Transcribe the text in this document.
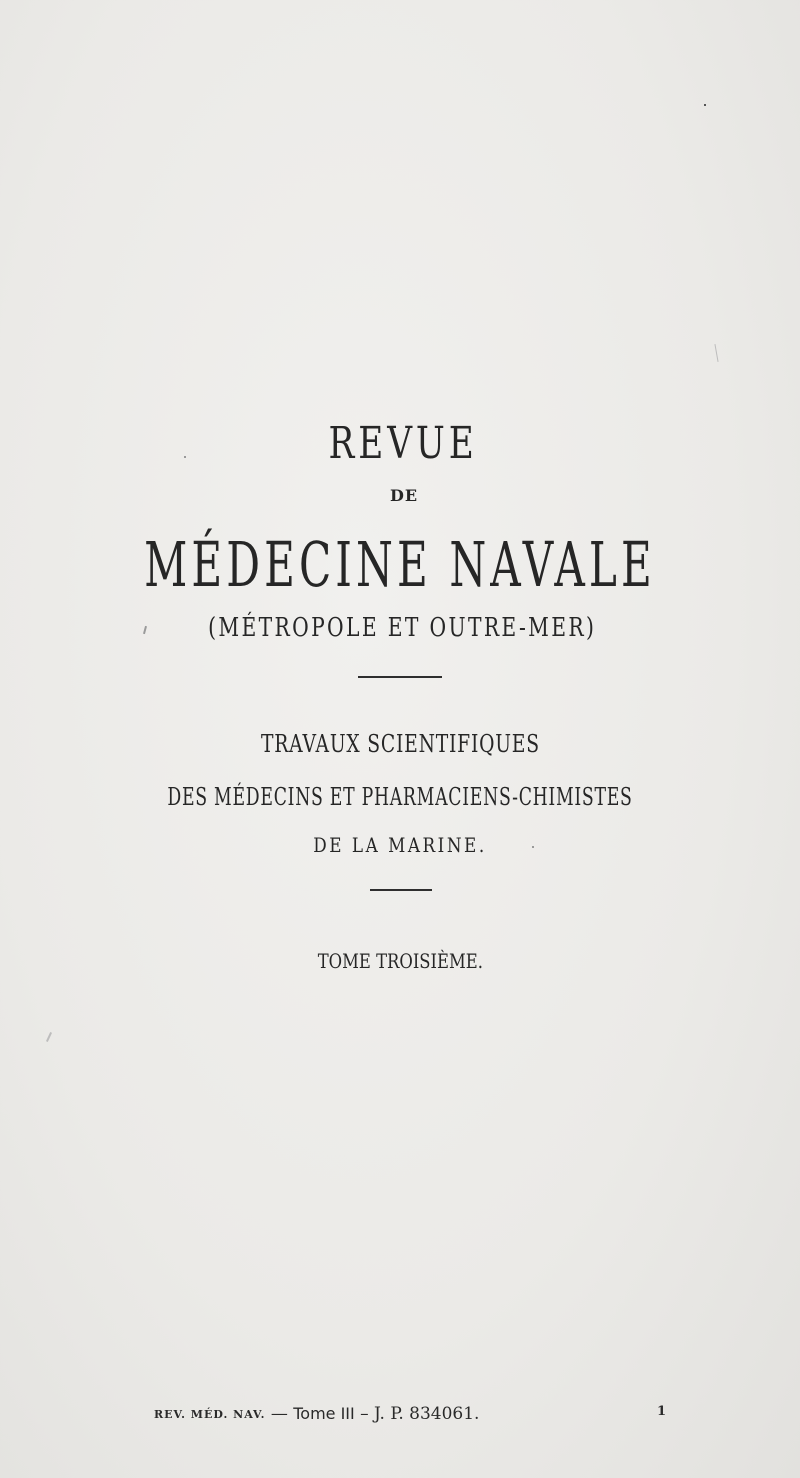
REVUE
DE
MÉDECINE NAVALE
(MÉTROPOLE ET OUTRE-MER)
TRAVAUX SCIENTIFIQUES
DES MÉDECINS ET PHARMACIENS-CHIMISTES
DE LA MARINE.
TOME TROISIÈME.
REV. MÉD. NAV. — Tome III – J. P. 834061.	1
